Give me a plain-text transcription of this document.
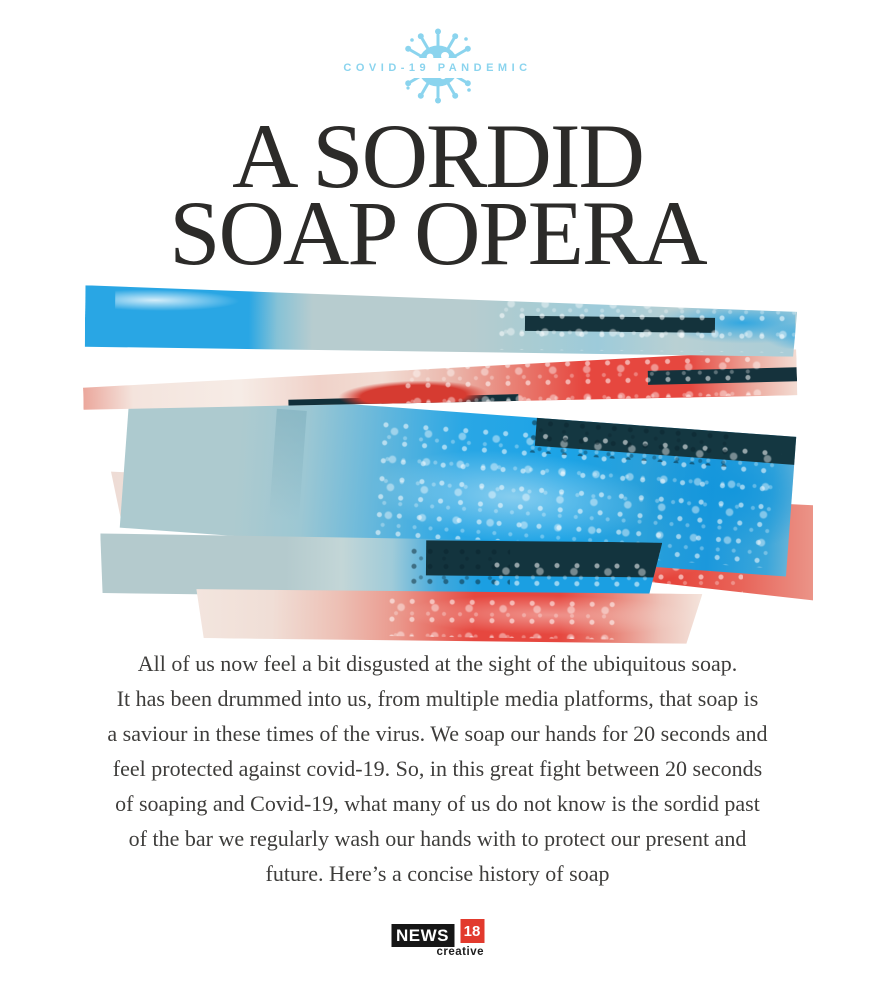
COVID-19 PANDEMIC
A SORDID
SOAP OPERA
All of us now feel a bit disgusted at the sight of the ubiquitous soap.
It has been drummed into us, from multiple media platforms, that soap is
a saviour in these times of the virus. We soap our hands for 20 seconds and
feel protected against covid-19. So, in this great fight between 20 seconds
of soaping and Covid-19, what many of us do not know is the sordid past
of the bar we regularly wash our hands with to protect our present and
future. Here’s a concise history of soap
NEWS 18
creative
